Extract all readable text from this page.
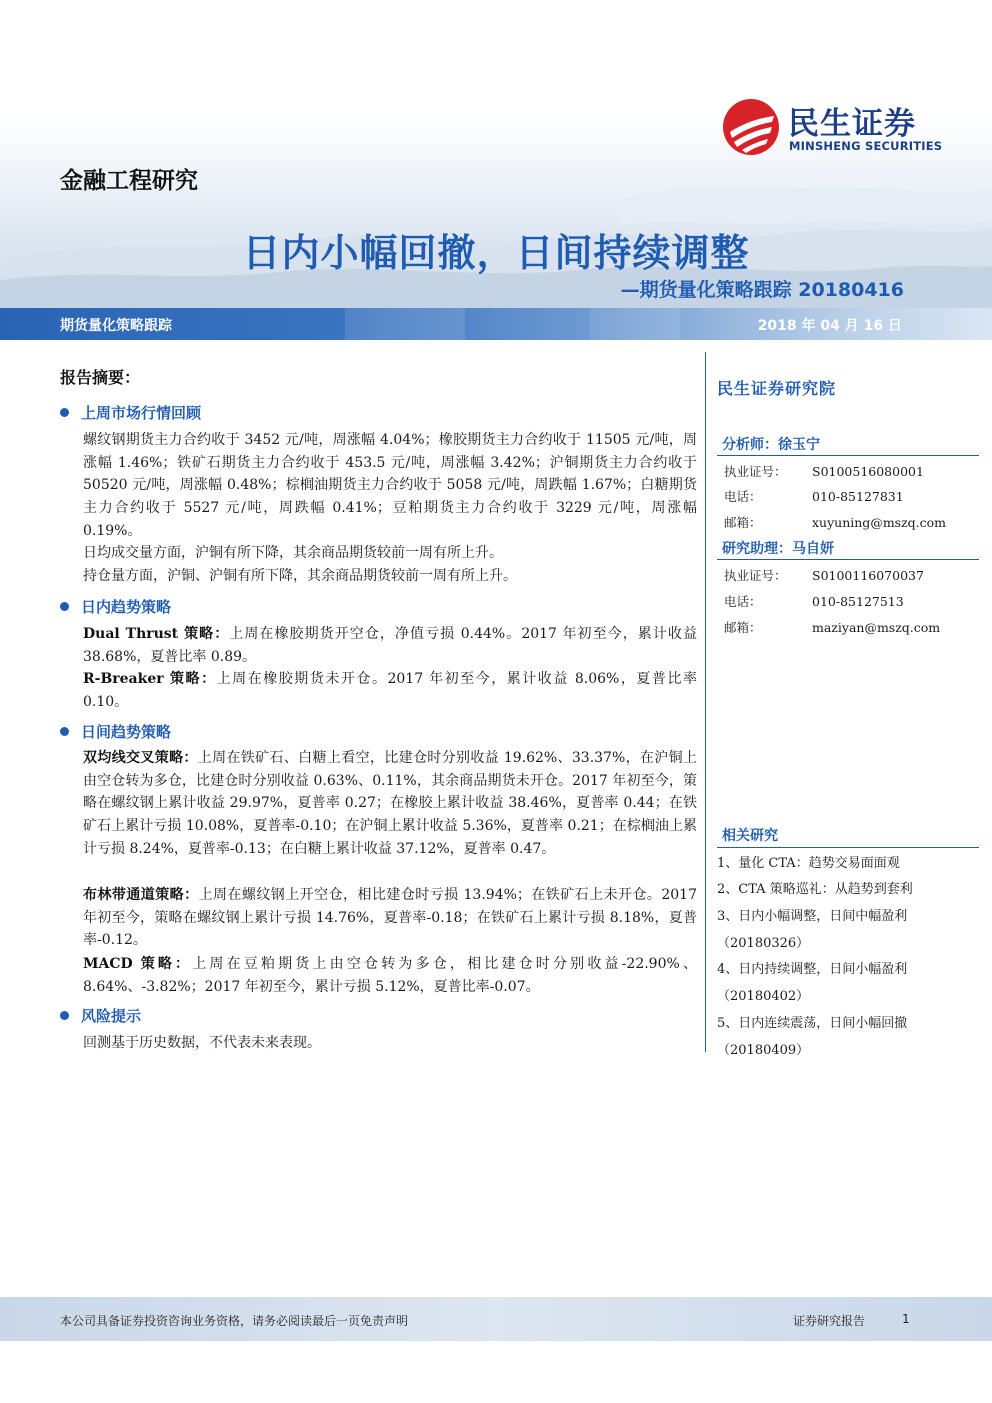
民生证券
MINSHENG SECURITIES
金融工程研究
日内小幅回撤，日间持续调整
—期货量化策略跟踪 20180416
期货量化策略跟踪	2018 年 04 月 16 日
报告摘要：
上周市场行情回顾
螺纹钢期货主力合约收于 3452 元/吨，周涨幅 4.04%；橡胶期货主力合约收于 11505 元/吨，周涨幅 1.46%；铁矿石期货主力合约收于 453.5 元/吨，周涨幅 3.42%；沪铜期货主力合约收于 50520 元/吨，周涨幅 0.48%；棕榈油期货主力合约收于 5058 元/吨，周跌幅 1.67%；白糖期货主力合约收于 5527 元/吨，周跌幅 0.41%；豆粕期货主力合约收于 3229 元/吨，周涨幅 0.19%。
日均成交量方面，沪铜有所下降，其余商品期货较前一周有所上升。
持仓量方面，沪铜、沪铜有所下降，其余商品期货较前一周有所上升。
日内趋势策略
Dual Thrust 策略：上周在橡胶期货开空仓，净值亏损 0.44%。2017 年初至今，累计收益 38.68%，夏普比率 0.89。
R-Breaker 策略：上周在橡胶期货未开仓。2017 年初至今，累计收益 8.06%，夏普比率 0.10。
日间趋势策略
双均线交叉策略：上周在铁矿石、白糖上看空，比建仓时分别收益 19.62%、33.37%，在沪铜上由空仓转为多仓，比建仓时分别收益 0.63%、0.11%，其余商品期货未开仓。2017 年初至今，策略在螺纹钢上累计收益 29.97%，夏普率 0.27；在橡胶上累计收益 38.46%，夏普率 0.44；在铁矿石上累计亏损 10.08%，夏普率-0.10；在沪铜上累计收益 5.36%，夏普率 0.21；在棕榈油上累计亏损 8.24%，夏普率-0.13；在白糖上累计收益 37.12%，夏普率 0.47。
布林带通道策略：上周在螺纹钢上开空仓，相比建仓时亏损 13.94%；在铁矿石上未开仓。2017 年初至今，策略在螺纹钢上累计亏损 14.76%，夏普率-0.18；在铁矿石上累计亏损 8.18%，夏普率-0.12。
MACD 策略：上周在豆粕期货上由空仓转为多仓，相比建仓时分别收益-22.90%、8.64%、-3.82%；2017 年初至今，累计亏损 5.12%，夏普比率-0.07。
风险提示
回测基于历史数据，不代表未来表现。
民生证券研究院
分析师：徐玉宁
执业证号： S0100516080001
电话：	010-85127831
邮箱：	xuyuning@mszq.com
研究助理：马自妍
执业证号： S0100116070037
电话：	010-85127513
邮箱：	maziyan@mszq.com
相关研究
1、量化 CTA：趋势交易面面观
2、CTA 策略巡礼：从趋势到套利
3、日内小幅调整，日间中幅盈利（20180326）
4、日内持续调整，日间小幅盈利（20180402）
5、日内连续震荡，日间小幅回撤（20180409）
本公司具备证券投资咨询业务资格，请务必阅读最后一页免责声明	证券研究报告	1
